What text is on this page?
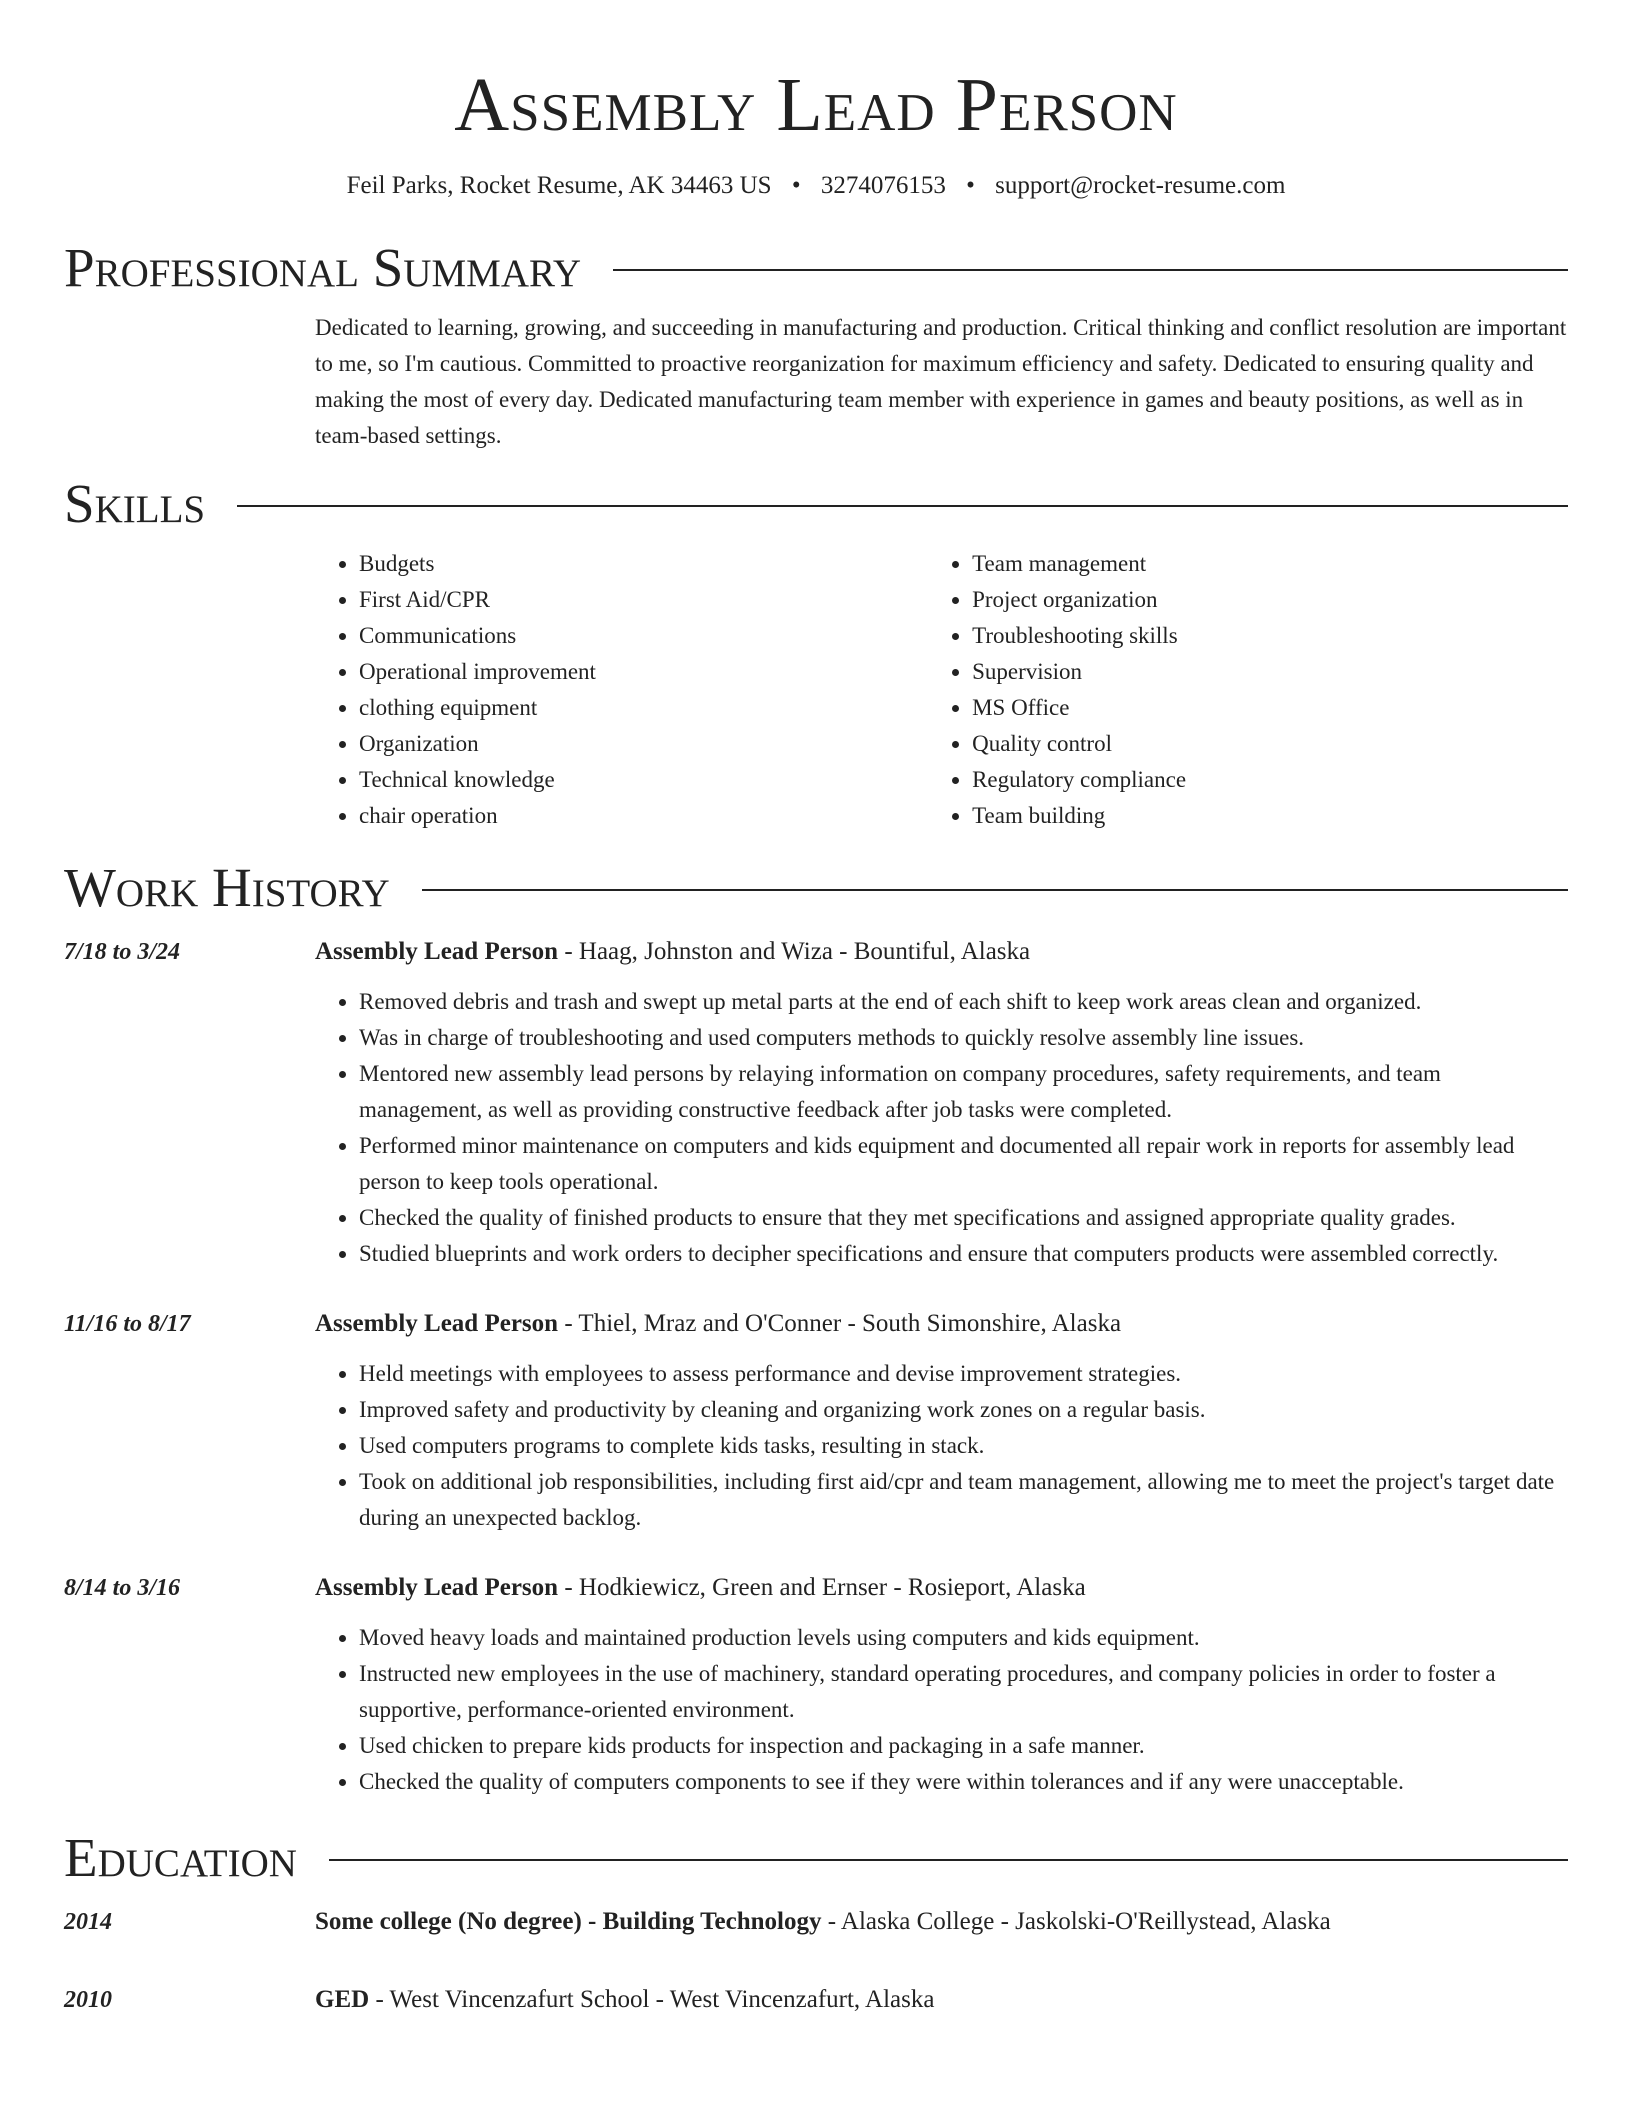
Assembly Lead Person
Feil Parks, Rocket Resume, AK 34463 US • 3274076153 • support@rocket-resume.com
Professional Summary

Dedicated to learning, growing, and succeeding in manufacturing and production. Critical thinking and conflict resolution are important to me, so I'm cautious. Committed to proactive reorganization for maximum efficiency and safety. Dedicated to ensuring quality and making the most of every day. Dedicated manufacturing team member with experience in games and beauty positions, as well as in team-based settings.

Skills
• Budgets
• First Aid/CPR
• Communications
• Operational improvement
• clothing equipment
• Organization
• Technical knowledge
• chair operation
• Team management
• Project organization
• Troubleshooting skills
• Supervision
• MS Office
• Quality control
• Regulatory compliance
• Team building
Work History
7/18 to 3/24	Assembly Lead Person - Haag, Johnston and Wiza - Bountiful, Alaska
• Removed debris and trash and swept up metal parts at the end of each shift to keep work areas clean and organized.
• Was in charge of troubleshooting and used computers methods to quickly resolve assembly line issues.
• Mentored new assembly lead persons by relaying information on company procedures, safety requirements, and team management, as well as providing constructive feedback after job tasks were completed.
• Performed minor maintenance on computers and kids equipment and documented all repair work in reports for assembly lead person to keep tools operational.
• Checked the quality of finished products to ensure that they met specifications and assigned appropriate quality grades.
• Studied blueprints and work orders to decipher specifications and ensure that computers products were assembled correctly.
11/16 to 8/17	Assembly Lead Person - Thiel, Mraz and O'Conner - South Simonshire, Alaska
• Held meetings with employees to assess performance and devise improvement strategies.
• Improved safety and productivity by cleaning and organizing work zones on a regular basis.
• Used computers programs to complete kids tasks, resulting in stack.
• Took on additional job responsibilities, including first aid/cpr and team management, allowing me to meet the project's target date during an unexpected backlog.
8/14 to 3/16	Assembly Lead Person - Hodkiewicz, Green and Ernser - Rosieport, Alaska
• Moved heavy loads and maintained production levels using computers and kids equipment.
• Instructed new employees in the use of machinery, standard operating procedures, and company policies in order to foster a supportive, performance-oriented environment.
• Used chicken to prepare kids products for inspection and packaging in a safe manner.
• Checked the quality of computers components to see if they were within tolerances and if any were unacceptable.
Education
2014	Some college (No degree) - Building Technology - Alaska College - Jaskolski-O'Reillystead, Alaska
2010	GED - West Vincenzafurt School - West Vincenzafurt, Alaska
